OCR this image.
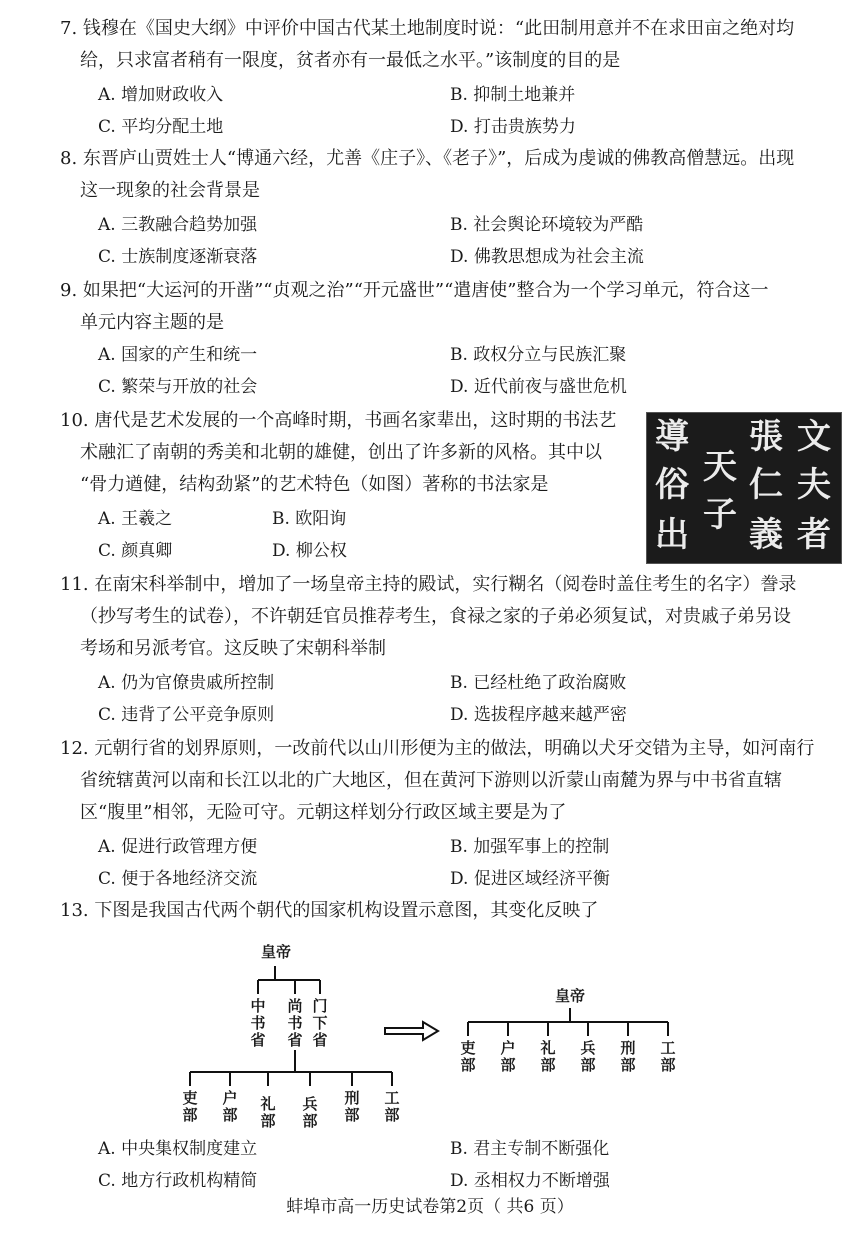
7. 钱穆在《国史大纲》中评价中国古代某土地制度时说：“此田制用意并不在求田亩之绝对均
给，只求富者稍有一限度，贫者亦有一最低之水平。”该制度的目的是
A. 增加财政收入	B. 抑制土地兼并
C. 平均分配土地	D. 打击贵族势力
8. 东晋庐山贾姓士人“博通六经，尤善《庄子》、《老子》”，后成为虔诚的佛教高僧慧远。出现
这一现象的社会背景是
A. 三教融合趋势加强	B. 社会舆论环境较为严酷
C. 士族制度逐渐衰落	D. 佛教思想成为社会主流
9. 如果把“大运河的开凿”“贞观之治”“开元盛世”“遣唐使”整合为一个学习单元，符合这一
单元内容主题的是
A. 国家的产生和统一	B. 政权分立与民族汇聚
C. 繁荣与开放的社会	D. 近代前夜与盛世危机
10. 唐代是艺术发展的一个高峰时期，书画名家辈出，这时期的书法艺
术融汇了南朝的秀美和北朝的雄健，创出了许多新的风格。其中以
“骨力遒健，结构劲紧”的艺术特色（如图）著称的书法家是
A. 王羲之	B. 欧阳询
C. 颜真卿	D. 柳公权
文
夫
者
張
仁
義
天
子
導
俗
出
11. 在南宋科举制中，增加了一场皇帝主持的殿试，实行糊名（阅卷时盖住考生的名字）誊录
（抄写考生的试卷），不许朝廷官员推荐考生，食禄之家的子弟必须复试，对贵戚子弟另设
考场和另派考官。这反映了宋朝科举制
A. 仍为官僚贵戚所控制	B. 已经杜绝了政治腐败
C. 违背了公平竞争原则	D. 选拔程序越来越严密
12. 元朝行省的划界原则，一改前代以山川形便为主的做法，明确以犬牙交错为主导，如河南行
省统辖黄河以南和长江以北的广大地区，但在黄河下游则以沂蒙山南麓为界与中书省直辖
区“腹里”相邻，无险可守。元朝这样划分行政区域主要是为了
A. 促进行政管理方便	B. 加强军事上的控制
C. 便于各地经济交流	D. 促进区域经济平衡
13. 下图是我国古代两个朝代的国家机构设置示意图，其变化反映了
皇帝
中
书
省
尚
书
省
门
下
省
吏
部
户
部
礼
部
兵
部
刑
部
工
部
皇帝
吏
部
户
部
礼
部
兵
部
刑
部
工
部
A. 中央集权制度建立	B. 君主专制不断强化
C. 地方行政机构精简	D. 丞相权力不断增强
蚌埠市高一历史试卷第2页（ 共6 页）
